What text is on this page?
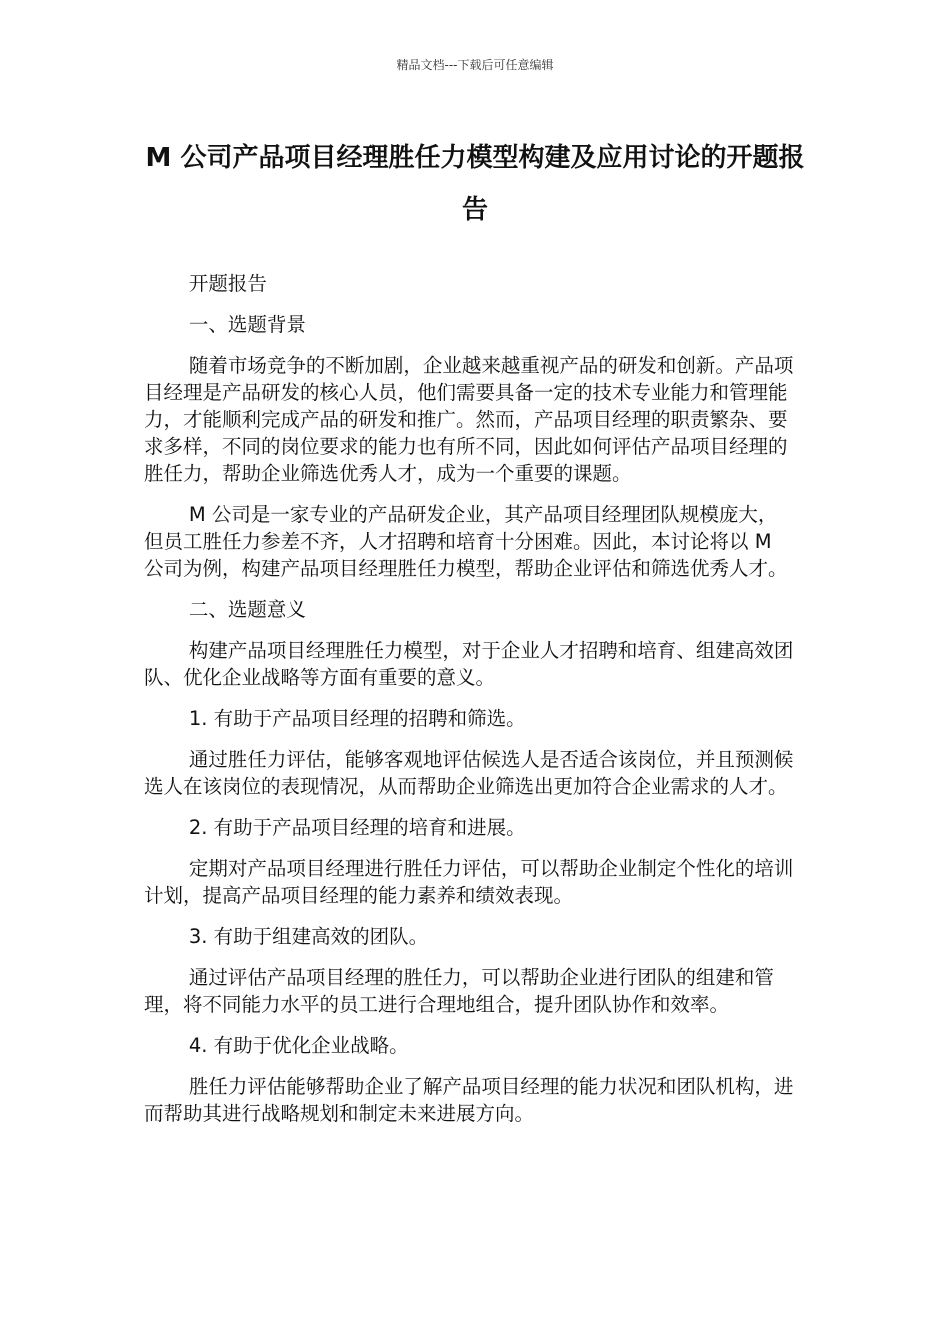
精品文档---下载后可任意编辑
M 公司产品项目经理胜任力模型构建及应用讨论的开题报告

开题报告

一、选题背景

随着市场竞争的不断加剧，企业越来越重视产品的研发和创新。产品项目经理是产品研发的核心人员，他们需要具备一定的技术专业能力和管理能力，才能顺利完成产品的研发和推广。然而，产品项目经理的职责繁杂、要求多样，不同的岗位要求的能力也有所不同，因此如何评估产品项目经理的胜任力，帮助企业筛选优秀人才，成为一个重要的课题。

M 公司是一家专业的产品研发企业，其产品项目经理团队规模庞大，但员工胜任力参差不齐，人才招聘和培育十分困难。因此，本讨论将以 M 公司为例，构建产品项目经理胜任力模型，帮助企业评估和筛选优秀人才。

二、选题意义

构建产品项目经理胜任力模型，对于企业人才招聘和培育、组建高效团队、优化企业战略等方面有重要的意义。

1. 有助于产品项目经理的招聘和筛选。

通过胜任力评估，能够客观地评估候选人是否适合该岗位，并且预测候选人在该岗位的表现情况，从而帮助企业筛选出更加符合企业需求的人才。

2. 有助于产品项目经理的培育和进展。

定期对产品项目经理进行胜任力评估，可以帮助企业制定个性化的培训计划，提高产品项目经理的能力素养和绩效表现。

3. 有助于组建高效的团队。

通过评估产品项目经理的胜任力，可以帮助企业进行团队的组建和管理，将不同能力水平的员工进行合理地组合，提升团队协作和效率。

4. 有助于优化企业战略。

胜任力评估能够帮助企业了解产品项目经理的能力状况和团队机构，进而帮助其进行战略规划和制定未来进展方向。
